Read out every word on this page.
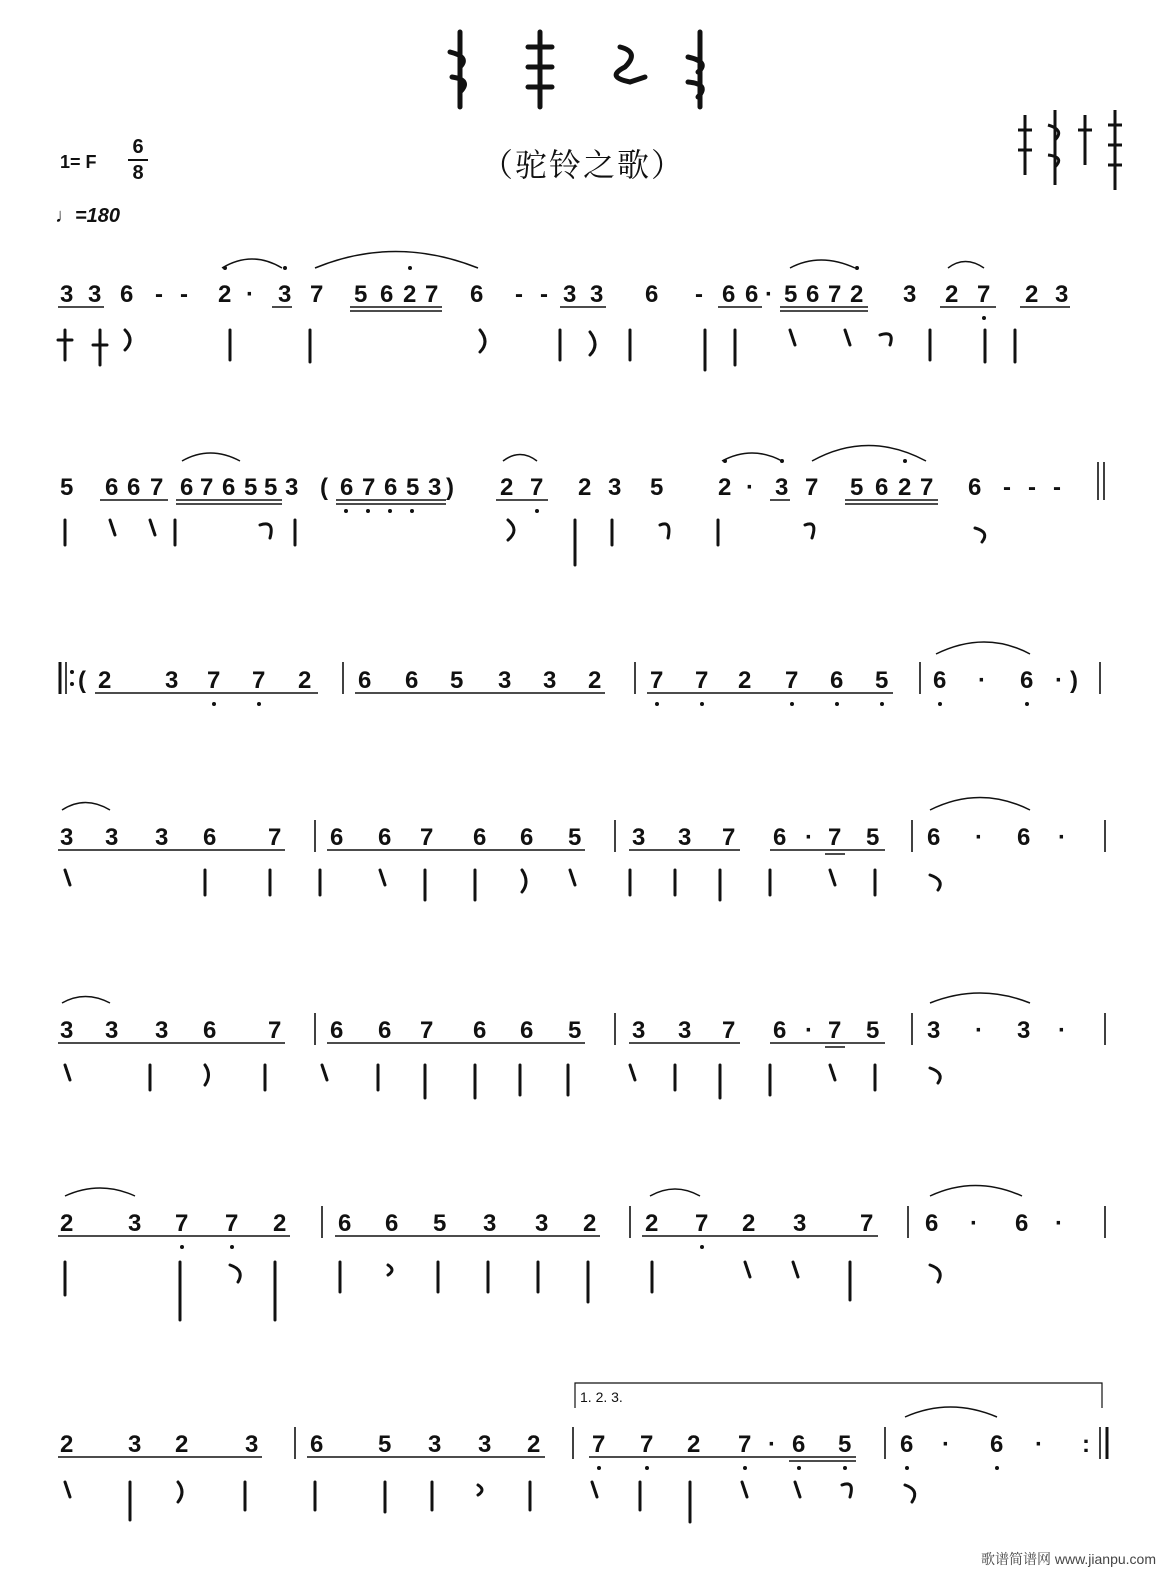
（驼铃之歌）
1= F
6
8
♩=180
3 3 6 - - 2 · 3 7 5 6 2 7 6 - - 3 3 6 - 6 6 · 5 6 7 2 3 2 7 2 3
5 6 6 7 6 7 6 5 5 3 ( 6 7 6 5 3 ) 2 7 2 3 5 2 · 3 7 5 6 2 7 6 - - -
( 2 3 7 7 2 6 6 5 3 3 2 7 7 2 7 6 5 6 · 6 · )
3 3 3 6 7 6 6 7 6 6 5 3 3 7 6 · 7 5 6 · 6 ·
3 3 3 6 7 6 6 7 6 6 5 3 3 7 6 · 7 5 3 · 3 ·
2 3 7 7 2 6 6 5 3 3 2 2 7 2 3 7 6 · 6 ·
2 3 2 3 6 5 3 3 2 7 7 2 7 · 6 5 6 · 6 · :
1. 2. 3.
歌谱简谱网 www.jianpu.com
